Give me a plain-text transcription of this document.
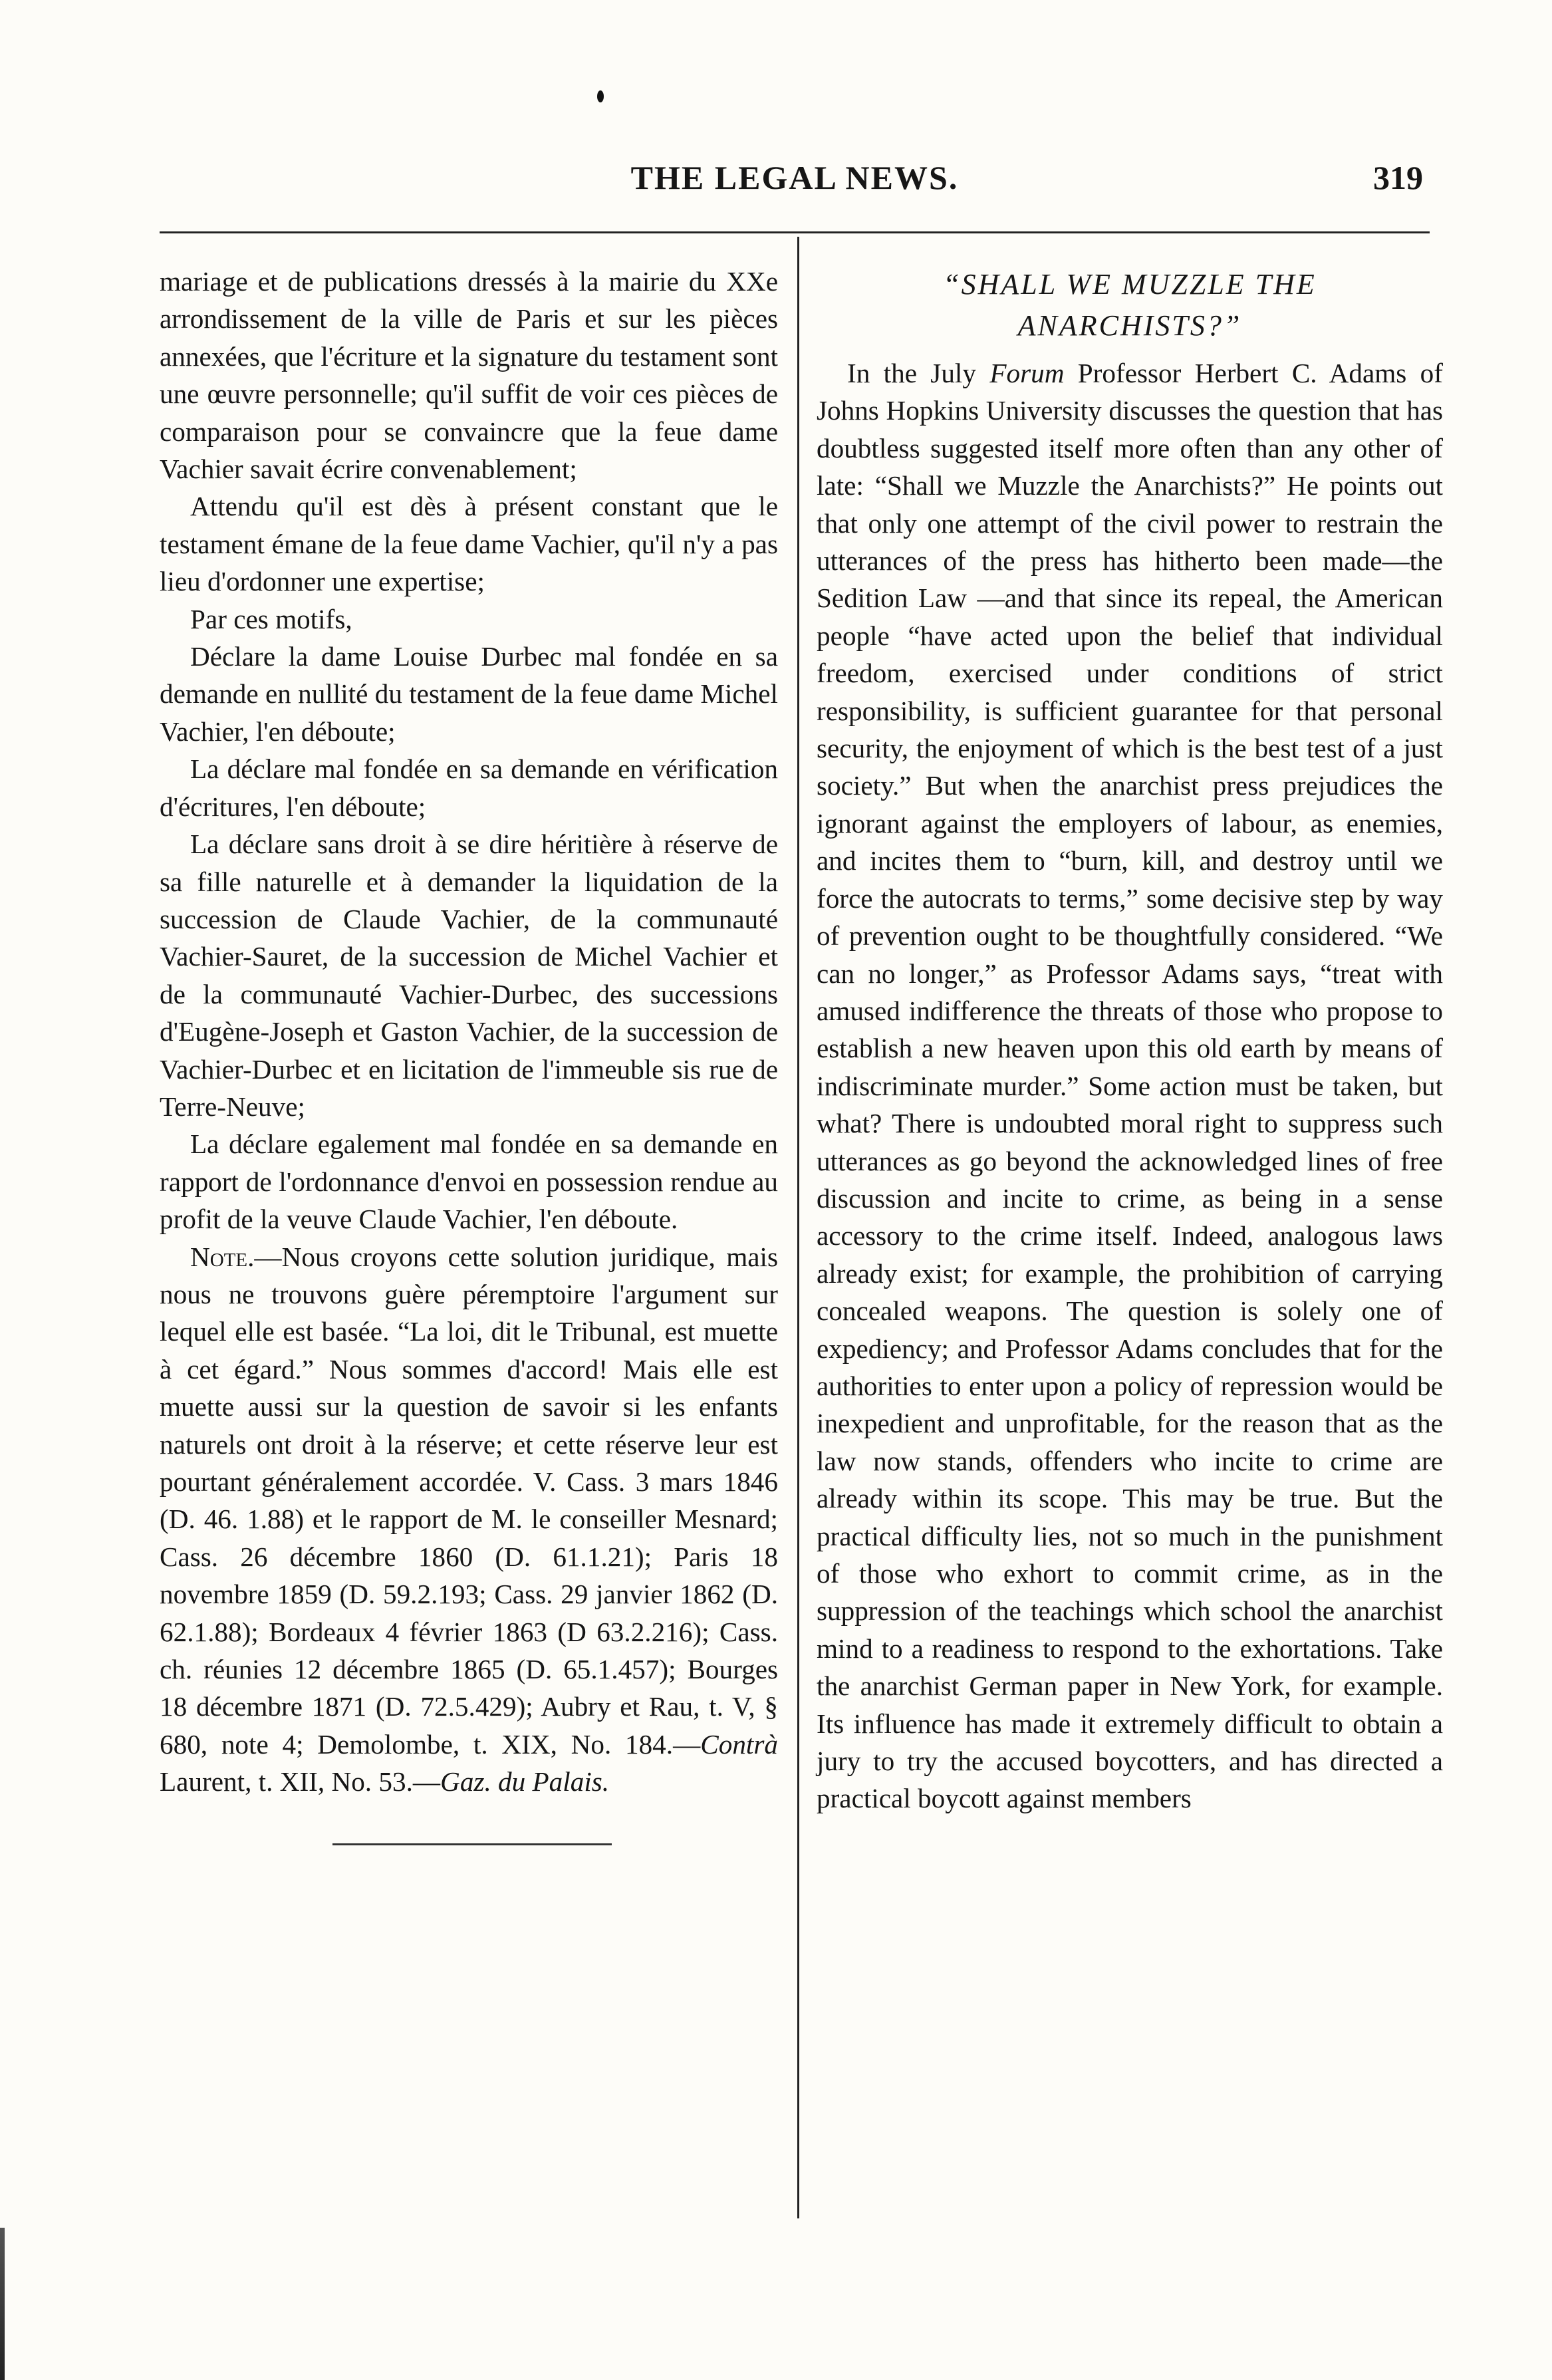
THE LEGAL NEWS.	319

mariage et de publications dressés à la mairie du XXe arrondissement de la ville de Paris et sur les pièces annexées, que l'écriture et la signature du testament sont une œuvre personnelle; qu'il suffit de voir ces pièces de comparaison pour se convaincre que la feue dame Vachier savait écrire convenablement;

Attendu qu'il est dès à présent constant que le testament émane de la feue dame Vachier, qu'il n'y a pas lieu d'ordonner une expertise;

Par ces motifs,

Déclare la dame Louise Durbec mal fondée en sa demande en nullité du testament de la feue dame Michel Vachier, l'en déboute;

La déclare mal fondée en sa demande en vérification d'écritures, l'en déboute;

La déclare sans droit à se dire héritière à réserve de sa fille naturelle et à demander la liquidation de la succession de Claude Vachier, de la communauté Vachier-Sauret, de la succession de Michel Vachier et de la communauté Vachier-Durbec, des successions d'Eugène-Joseph et Gaston Vachier, de la succession de Vachier-Durbec et en licitation de l'immeuble sis rue de Terre-Neuve;

La déclare egalement mal fondée en sa demande en rapport de l'ordonnance d'envoi en possession rendue au profit de la veuve Claude Vachier, l'en déboute.

Note.—Nous croyons cette solution juridique, mais nous ne trouvons guère péremptoire l'argument sur lequel elle est basée. “La loi, dit le Tribunal, est muette à cet égard.” Nous sommes d'accord! Mais elle est muette aussi sur la question de savoir si les enfants naturels ont droit à la réserve; et cette réserve leur est pourtant généralement accordée. V. Cass. 3 mars 1846 (D. 46. 1.88) et le rapport de M. le conseiller Mesnard; Cass. 26 décembre 1860 (D. 61.1.21); Paris 18 novembre 1859 (D. 59.2.193; Cass. 29 janvier 1862 (D. 62.1.88); Bordeaux 4 février 1863 (D 63.2.216); Cass. ch. réunies 12 décembre 1865 (D. 65.1.457); Bourges 18 décembre 1871 (D. 72.5.429); Aubry et Rau, t. V, § 680, note 4; Demolombe, t. XIX, No. 184.—Contrà Laurent, t. XII, No. 53.—Gaz. du Palais.

“SHALL WE MUZZLE THE
ANARCHISTS?”

In the July Forum Professor Herbert C. Adams of Johns Hopkins University discusses the question that has doubtless suggested itself more often than any other of late: “Shall we Muzzle the Anarchists?” He points out that only one attempt of the civil power to restrain the utterances of the press has hitherto been made—the Sedition Law —and that since its repeal, the American people “have acted upon the belief that individual freedom, exercised under conditions of strict responsibility, is sufficient guarantee for that personal security, the enjoyment of which is the best test of a just society.” But when the anarchist press prejudices the ignorant against the employers of labour, as enemies, and incites them to “burn, kill, and destroy until we force the autocrats to terms,” some decisive step by way of prevention ought to be thoughtfully considered. “We can no longer,” as Professor Adams says, “treat with amused indifference the threats of those who propose to establish a new heaven upon this old earth by means of indiscriminate murder.” Some action must be taken, but what? There is undoubted moral right to suppress such utterances as go beyond the acknowledged lines of free discussion and incite to crime, as being in a sense accessory to the crime itself. Indeed, analogous laws already exist; for example, the prohibition of carrying concealed weapons. The question is solely one of expediency; and Professor Adams concludes that for the authorities to enter upon a policy of repression would be inexpedient and unprofitable, for the reason that as the law now stands, offenders who incite to crime are already within its scope. This may be true. But the practical difficulty lies, not so much in the punishment of those who exhort to commit crime, as in the suppression of the teachings which school the anarchist mind to a readiness to respond to the exhortations. Take the anarchist German paper in New York, for example. Its influence has made it extremely difficult to obtain a jury to try the accused boycotters, and has directed a practical boycott against members
